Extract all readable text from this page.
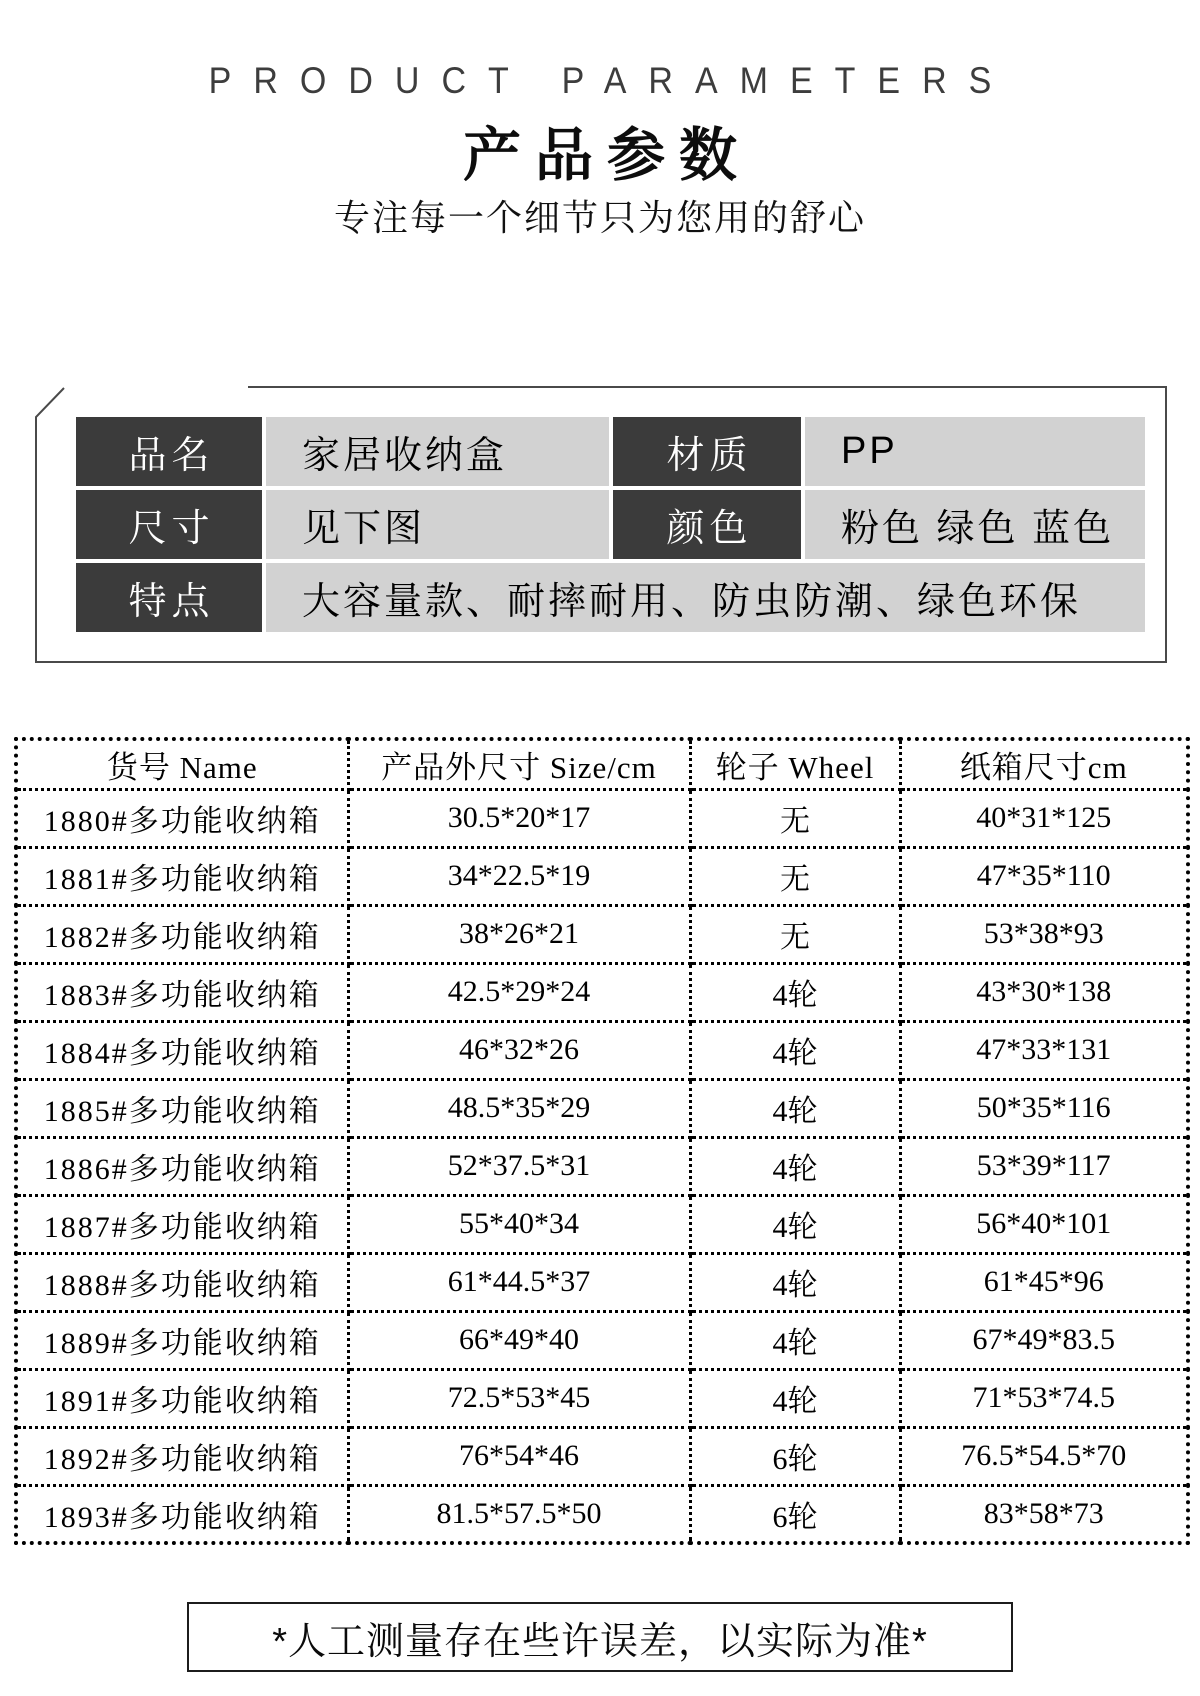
PRODUCT PARAMETERS
产品参数
专注每一个细节只为您用的舒心
品名	家居收纳盒	材质	PP
尺寸	见下图	颜色	粉色 绿色 蓝色
特点	大容量款、耐摔耐用、防虫防潮、绿色环保
货号 Name	产品外尺寸 Size/cm	轮子 Wheel	纸箱尺寸cm
1880#多功能收纳箱	30.5*20*17	无	40*31*125
1881#多功能收纳箱	34*22.5*19	无	47*35*110
1882#多功能收纳箱	38*26*21	无	53*38*93
1883#多功能收纳箱	42.5*29*24	4轮	43*30*138
1884#多功能收纳箱	46*32*26	4轮	47*33*131
1885#多功能收纳箱	48.5*35*29	4轮	50*35*116
1886#多功能收纳箱	52*37.5*31	4轮	53*39*117
1887#多功能收纳箱	55*40*34	4轮	56*40*101
1888#多功能收纳箱	61*44.5*37	4轮	61*45*96
1889#多功能收纳箱	66*49*40	4轮	67*49*83.5
1891#多功能收纳箱	72.5*53*45	4轮	71*53*74.5
1892#多功能收纳箱	76*54*46	6轮	76.5*54.5*70
1893#多功能收纳箱	81.5*57.5*50	6轮	83*58*73
*人工测量存在些许误差，以实际为准*
